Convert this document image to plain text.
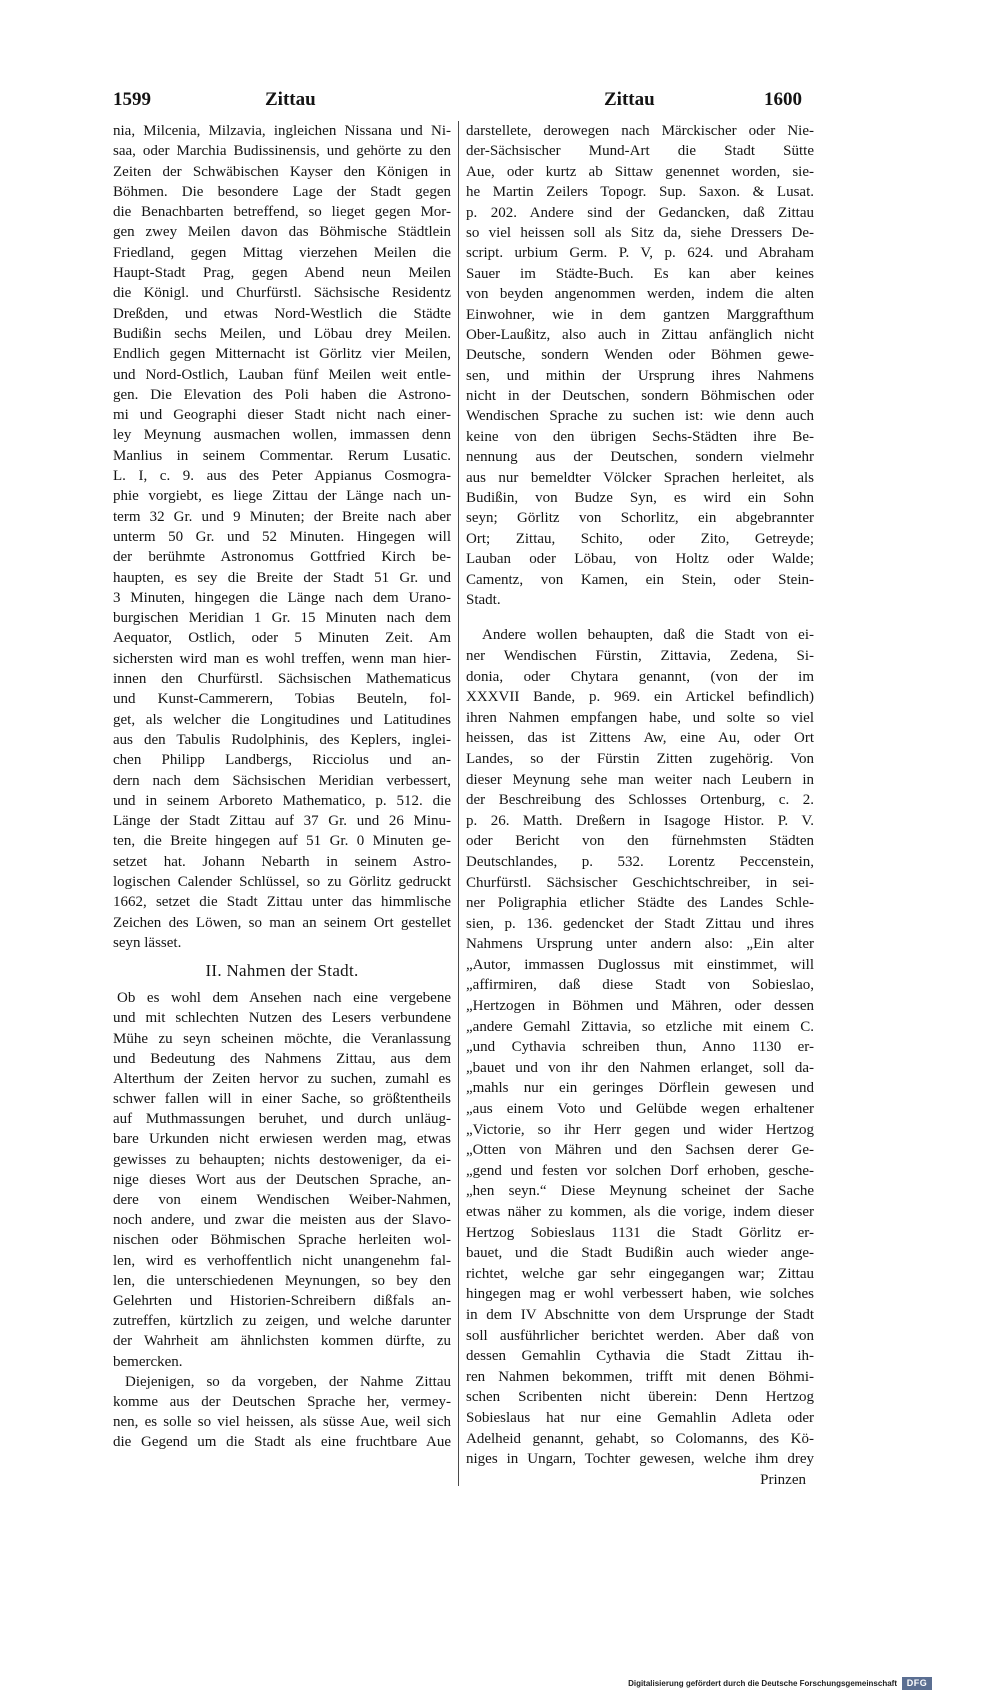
1599	Zittau	Zittau	1600
nia, Milcenia, Milzavia, ingleichen Nissana und Ni-
saa, oder Marchia Budissinensis, und gehörte zu den
Zeiten der Schwäbischen Kayser den Königen in
Böhmen. Die besondere Lage der Stadt gegen
die Benachbarten betreffend, so lieget gegen Mor-
gen zwey Meilen davon das Böhmische Städtlein
Friedland, gegen Mittag vierzehen Meilen die
Haupt-Stadt Prag, gegen Abend neun Meilen
die Königl. und Churfürstl. Sächsische Residentz
Dreßden, und etwas Nord-Westlich die Städte
Budißin sechs Meilen, und Löbau drey Meilen.
Endlich gegen Mitternacht ist Görlitz vier Meilen,
und Nord-Ostlich, Lauban fünf Meilen weit entle-
gen. Die Elevation des Poli haben die Astrono-
mi und Geographi dieser Stadt nicht nach einer-
ley Meynung ausmachen wollen, immassen denn
Manlius in seinem Commentar. Rerum Lusatic.
L. I, c. 9. aus des Peter Appianus Cosmogra-
phie vorgiebt, es liege Zittau der Länge nach un-
term 32 Gr. und 9 Minuten; der Breite nach aber
unterm 50 Gr. und 52 Minuten. Hingegen will
der berühmte Astronomus Gottfried Kirch be-
haupten, es sey die Breite der Stadt 51 Gr. und
3 Minuten, hingegen die Länge nach dem Urano-
burgischen Meridian 1 Gr. 15 Minuten nach dem
Aequator, Ostlich, oder 5 Minuten Zeit. Am
sichersten wird man es wohl treffen, wenn man hier-
innen den Churfürstl. Sächsischen Mathematicus
und Kunst-Cammerern, Tobias Beuteln, fol-
get, als welcher die Longitudines und Latitudines
aus den Tabulis Rudolphinis, des Keplers, inglei-
chen Philipp Landbergs, Ricciolus und an-
dern nach dem Sächsischen Meridian verbessert,
und in seinem Arboreto Mathematico, p. 512. die
Länge der Stadt Zittau auf 37 Gr. und 26 Minu-
ten, die Breite hingegen auf 51 Gr. 0 Minuten ge-
setzet hat. Johann Nebarth in seinem Astro-
logischen Calender Schlüssel, so zu Görlitz gedruckt
1662, setzet die Stadt Zittau unter das himmlische
Zeichen des Löwen, so man an seinem Ort gestellet
seyn lässet.
II. Nahmen der Stadt.
Ob es wohl dem Ansehen nach eine vergebene
und mit schlechten Nutzen des Lesers verbundene
Mühe zu seyn scheinen möchte, die Veranlassung
und Bedeutung des Nahmens Zittau, aus dem
Alterthum der Zeiten hervor zu suchen, zumahl es
schwer fallen will in einer Sache, so größtentheils
auf Muthmassungen beruhet, und durch unläug-
bare Urkunden nicht erwiesen werden mag, etwas
gewisses zu behaupten; nichts destoweniger, da ei-
nige dieses Wort aus der Deutschen Sprache, an-
dere von einem Wendischen Weiber-Nahmen,
noch andere, und zwar die meisten aus der Slavo-
nischen oder Böhmischen Sprache herleiten wol-
len, wird es verhoffentlich nicht unangenehm fal-
len, die unterschiedenen Meynungen, so bey den
Gelehrten und Historien-Schreibern dißfals an-
zutreffen, kürtzlich zu zeigen, und welche darunter
der Wahrheit am ähnlichsten kommen dürfte, zu
bemercken.
Diejenigen, so da vorgeben, der Nahme Zittau
komme aus der Deutschen Sprache her, vermey-
nen, es solle so viel heissen, als süsse Aue, weil sich
die Gegend um die Stadt als eine fruchtbare Aue
darstellete, derowegen nach Märckischer oder Nie-
der-Sächsischer Mund-Art die Stadt Sütte
Aue, oder kurtz ab Sittaw genennet worden, sie-
he Martin Zeilers Topogr. Sup. Saxon. & Lusat.
p. 202. Andere sind der Gedancken, daß Zittau
so viel heissen soll als Sitz da, siehe Dressers De-
script. urbium Germ. P. V, p. 624. und Abraham
Sauer im Städte-Buch. Es kan aber keines
von beyden angenommen werden, indem die alten
Einwohner, wie in dem gantzen Marggrafthum
Ober-Laußitz, also auch in Zittau anfänglich nicht
Deutsche, sondern Wenden oder Böhmen gewe-
sen, und mithin der Ursprung ihres Nahmens
nicht in der Deutschen, sondern Böhmischen oder
Wendischen Sprache zu suchen ist: wie denn auch
keine von den übrigen Sechs-Städten ihre Be-
nennung aus der Deutschen, sondern vielmehr
aus nur bemeldter Völcker Sprachen herleitet, als
Budißin, von Budze Syn, es wird ein Sohn
seyn; Görlitz von Schorlitz, ein abgebrannter
Ort; Zittau, Schito, oder Zito, Getreyde;
Lauban oder Löbau, von Holtz oder Walde;
Camentz, von Kamen, ein Stein, oder Stein-
Stadt.
Andere wollen behaupten, daß die Stadt von ei-
ner Wendischen Fürstin, Zittavia, Zedena, Si-
donia, oder Chytara genannt, (von der im
XXXVII Bande, p. 969. ein Artickel befindlich)
ihren Nahmen empfangen habe, und solte so viel
heissen, das ist Zittens Aw, eine Au, oder Ort
Landes, so der Fürstin Zitten zugehörig. Von
dieser Meynung sehe man weiter nach Leubern in
der Beschreibung des Schlosses Ortenburg, c. 2.
p. 26. Matth. Dreßern in Isagoge Histor. P. V.
oder Bericht von den fürnehmsten Städten
Deutschlandes, p. 532. Lorentz Peccenstein,
Churfürstl. Sächsischer Geschichtschreiber, in sei-
ner Poligraphia etlicher Städte des Landes Schle-
sien, p. 136. gedencket der Stadt Zittau und ihres
Nahmens Ursprung unter andern also: „Ein alter
„Autor, immassen Duglossus mit einstimmet, will
„affirmiren, daß diese Stadt von Sobieslao,
„Hertzogen in Böhmen und Mähren, oder dessen
„andere Gemahl Zittavia, so etzliche mit einem C.
„und Cythavia schreiben thun, Anno 1130 er-
„bauet und von ihr den Nahmen erlanget, soll da-
„mahls nur ein geringes Dörflein gewesen und
„aus einem Voto und Gelübde wegen erhaltener
„Victorie, so ihr Herr gegen und wider Hertzog
„Otten von Mähren und den Sachsen derer Ge-
„gend und festen vor solchen Dorf erhoben, gesche-
„hen seyn.“ Diese Meynung scheinet der Sache
etwas näher zu kommen, als die vorige, indem dieser
Hertzog Sobieslaus 1131 die Stadt Görlitz er-
bauet, und die Stadt Budißin auch wieder ange-
richtet, welche gar sehr eingegangen war; Zittau
hingegen mag er wohl verbessert haben, wie solches
in dem IV Abschnitte von dem Ursprunge der Stadt
soll ausführlicher berichtet werden. Aber daß von
dessen Gemahlin Cythavia die Stadt Zittau ih-
ren Nahmen bekommen, trifft mit denen Böhmi-
schen Scribenten nicht überein: Denn Hertzog
Sobieslaus hat nur eine Gemahlin Adleta oder
Adelheid genannt, gehabt, so Colomanns, des Kö-
niges in Ungarn, Tochter gewesen, welche ihm drey
Prinzen
Digitalisierung gefördert durch die Deutsche Forschungsgemeinschaft	DFG
